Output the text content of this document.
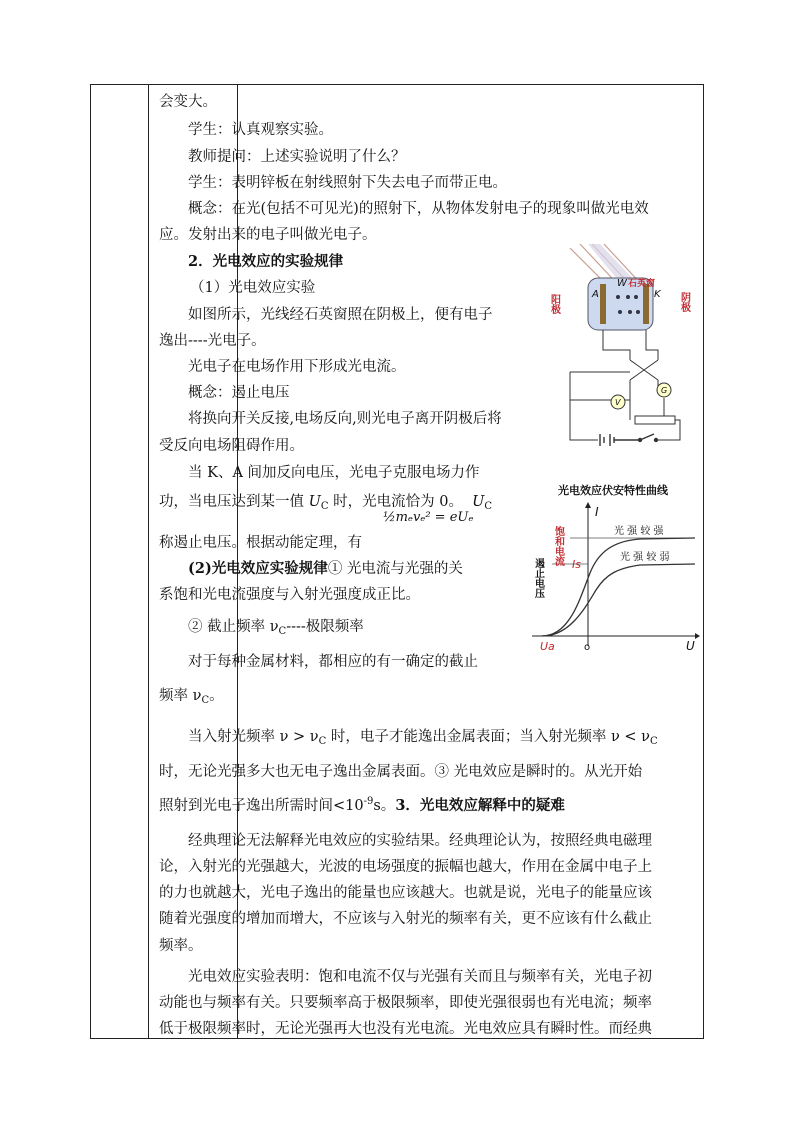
会变大。
学生：认真观察实验。
教师提问：上述实验说明了什么？
学生：表明锌板在射线照射下失去电子而带正电。
概念：在光(包括不可见光)的照射下，从物体发射电子的现象叫做光电效
应。发射出来的电子叫做光电子。
2．光电效应的实验规律
（1）光电效应实验
如图所示，光线经石英窗照在阴极上，便有电子
逸出----光电子。
光电子在电场作用下形成光电流。
概念：遏止电压
将换向开关反接,电场反向,则光电子离开阴极后将
受反向电场阻碍作用。
当 K、A 间加反向电压，光电子克服电场力作
功，当电压达到某一值 $U_C$ 时，光电流恰为 0。 $U_C$
½mₑvₑ² = eUₑ
称遏止电压。根据动能定理，有
(2)光电效应实验规律① 光电流与光强的关
系饱和光电流强度与入射光强度成正比。
② 截止频率 $\nu_C----$极限频率
对于每种金属材料，都相应的有一确定的截止
频率 $\nu_C$。
当入射光频率 $\nu > \nu_C$ 时，电子才能逸出金属表面；当入射光频率 $\nu < \nu_C$
时，无论光强多大也无电子逸出金属表面。③ 光电效应是瞬时的。从光开始
照射到光电子逸出所需时间$<10^{-9}s$。3．光电效应解释中的疑难
经典理论无法解释光电效应的实验结果。经典理论认为，按照经典电磁理
论，入射光的光强越大，光波的电场强度的振幅也越大，作用在金属中电子上
的力也就越大，光电子逸出的能量也应该越大。也就是说，光电子的能量应该
随着光强度的增加而增大，不应该与入射光的频率有关，更不应该有什么截止
频率。
光电效应实验表明：饱和电流不仅与光强有关而且与频率有关，光电子初
动能也与频率有关。只要频率高于极限频率，即使光强很弱也有光电流；频率
低于极限频率时，无论光强再大也没有光电流。光电效应具有瞬时性。而经典
A	K
W 石英窗
阳极	阴极
G
V
光电效应伏安特性曲线
I
U
o
光 强 较 强
光 强 较 弱
饱和电流 Is
遏止电压
Ua
